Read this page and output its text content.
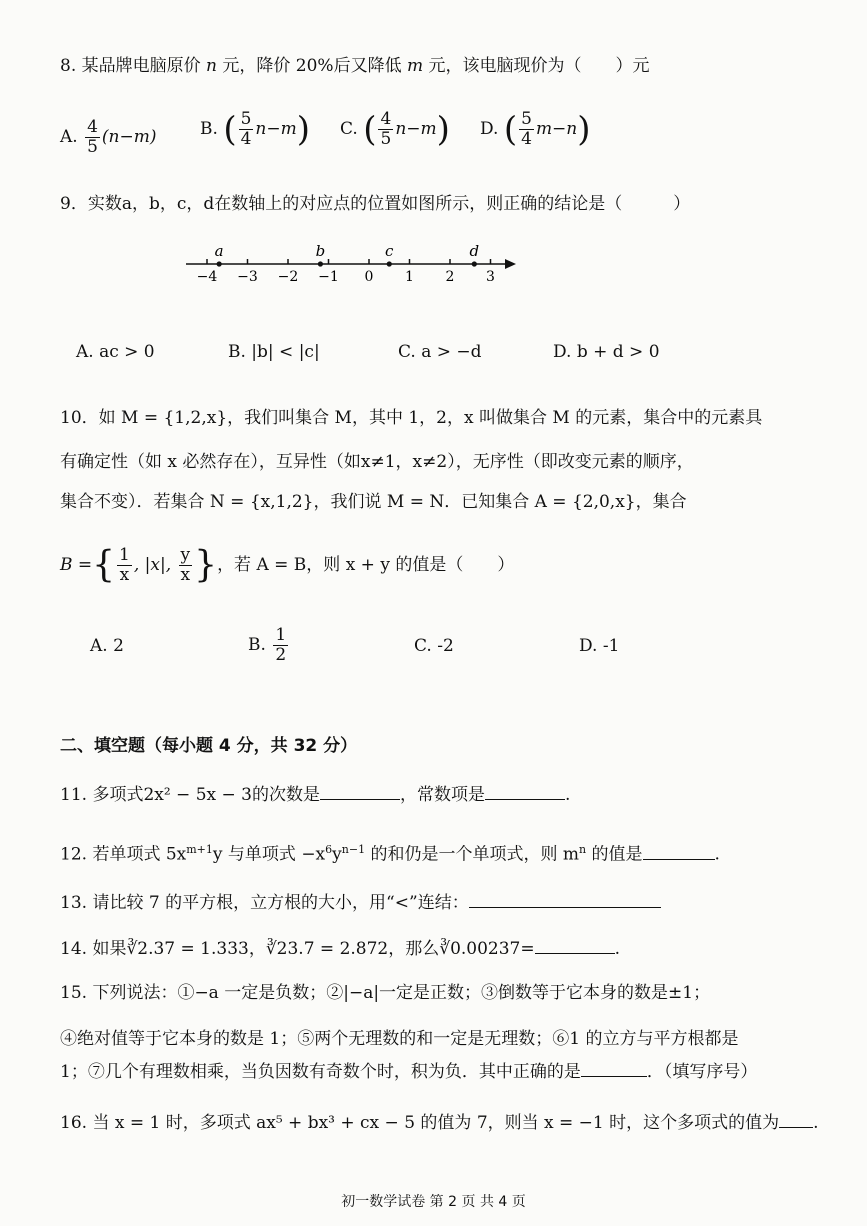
8. 某品牌电脑原价 n 元，降价 20%后又降低 m 元，该电脑现价为（　　）元
A. $\frac{4}{5} (n-m)$	B. ( $\frac{5}{4} n-m$) C. ( $\frac{4}{5} n-m$) D. ( $\frac{5}{4} m-n$)
9．实数a，b，c，d在数轴上的对应点的位置如图所示，则正确的结论是（　　　）
−4 −3 −2 −1 0 1 2 3
a	b	c	d
A. ac > 0	B. |b| < |c|	C. a > −d	D. b + d > 0
10．如 M = {1,2,x}，我们叫集合 M，其中 1，2，x 叫做集合 M 的元素，集合中的元素具
有确定性（如 x 必然存在），互异性（如x≠1，x≠2），无序性（即改变元素的顺序，
集合不变）．若集合 N = {x,1,2}，我们说 M = N．已知集合 A = {2,0,x}，集合
B ={ $\frac{1}{x}$ , |x|, $\frac{y}{x}$ }，若 A = B，则 x + y 的值是（　　）
A. 2	B. $\frac{1}{2}$	C. -2	D. -1
二、填空题（每小题 4 分，共 32 分）
11. 多项式2x² − 5x − 3的次数是	，常数项是	.
12. 若单项式 $5x^{m+1}y$ 与单项式 $-x^6y^{n-1}$ 的和仍是一个单项式，则 $m^n$ 的值是	.
13. 请比较 7 的平方根，立方根的大小，用“<”连结：
14. 如果∛2.37 = 1.333，∛23.7 = 2.872，那么∛0.00237=	.
15. 下列说法：①−a 一定是负数；②|−a|一定是正数；③倒数等于它本身的数是±1；
④绝对值等于它本身的数是 1；⑤两个无理数的和一定是无理数；⑥1 的立方与平方根都是
1；⑦几个有理数相乘，当负因数有奇数个时，积为负．其中正确的是	．（填写序号）
16. 当 x = 1 时，多项式 ax⁵ + bx³ + cx − 5 的值为 7，则当 x = −1 时，这个多项式的值为 .
初一数学试卷 第 2 页 共 4 页
